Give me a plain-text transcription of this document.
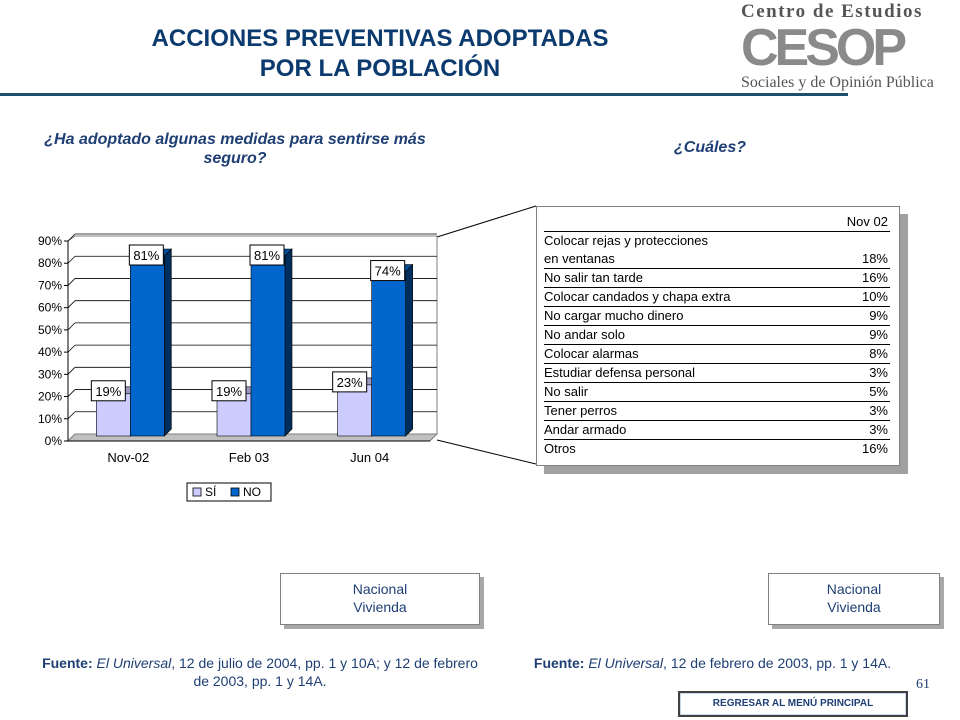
ACCIONES PREVENTIVAS ADOPTADAS
POR LA POBLACIÓN
Centro de Estudios
CESOP
Sociales y de Opinión Pública
¿Ha adoptado algunas medidas para sentirse más seguro?
¿Cuáles?
0%
10%
20%
30%
40%
50%
60%
70%
80%
90%
19%
81%
19%
81%
23%
74%
Nov-02	Feb 03	Jun 04
SÍ NO
	Nov 02
Colocar rejas y protecciones	
en ventanas	18%
No salir tan tarde	16%
Colocar candados y chapa extra	10%
No cargar mucho dinero	9%
No andar solo	9%
Colocar alarmas	8%
Estudiar defensa personal	3%
No salir	5%
Tener perros	3%
Andar armado	3%
Otros	16%
Nacional
Vivienda
Nacional
Vivienda
Fuente: El Universal, 12 de julio de 2004, pp. 1 y 10A; y 12 de febrero de 2003, pp. 1 y 14A.
Fuente: El Universal, 12 de febrero de 2003, pp. 1 y 14A.
61
REGRESAR AL MENÚ PRINCIPAL
